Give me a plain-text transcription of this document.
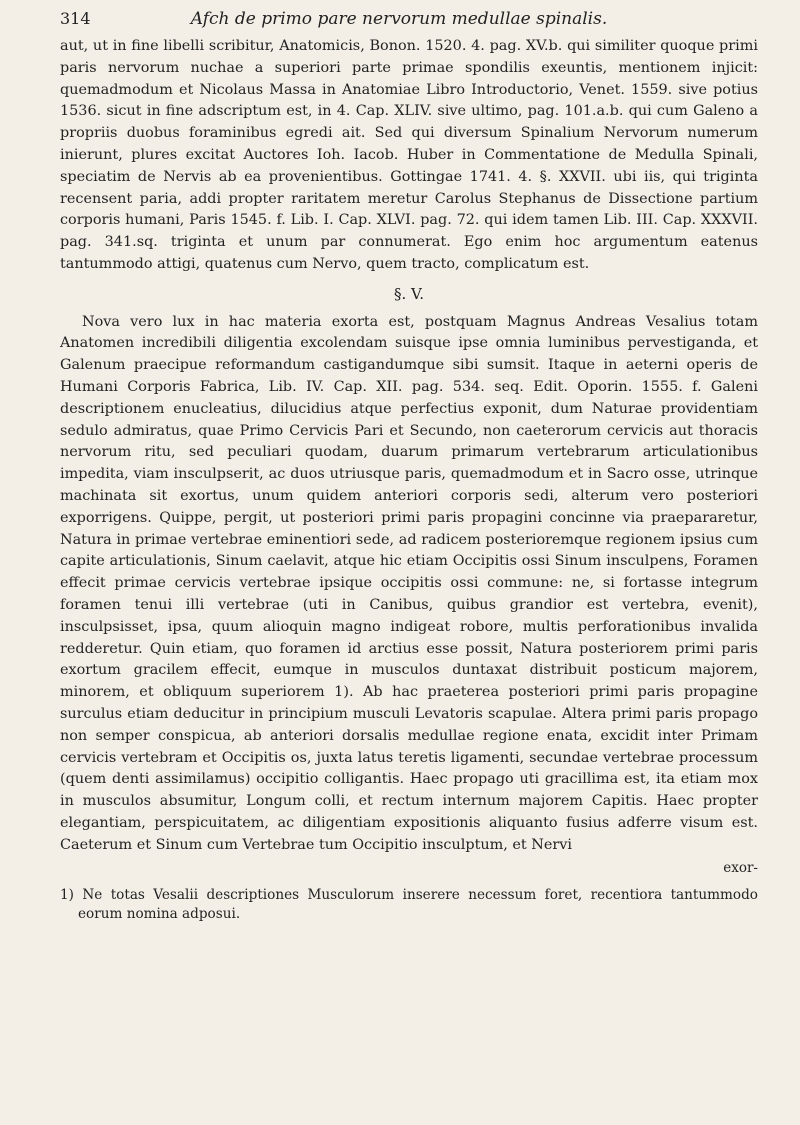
314	Afch de primo pare nervorum medullae spinalis.

aut, ut in fine libelli scribitur, Anatomicis, Bonon. 1520. 4. pag. XV.b. qui similiter quoque primi paris nervorum nuchae a superiori parte primae spondilis exeuntis, mentionem injicit: quemadmodum et Nicolaus Massa in Anatomiae Libro Introductorio, Venet. 1559. sive potius 1536. sicut in fine adscriptum est, in 4. Cap. XLIV. sive ultimo, pag. 101.a.b. qui cum Galeno a propriis duobus foraminibus egredi ait. Sed qui diversum Spinalium Nervorum numerum inierunt, plures excitat Auctores Ioh. Iacob. Huber in Commentatione de Medulla Spinali, speciatim de Nervis ab ea provenientibus. Gottingae 1741. 4. §. XXVII. ubi iis, qui triginta recensent paria, addi propter raritatem meretur Carolus Stephanus de Dissectione partium corporis humani, Paris 1545. f. Lib. I. Cap. XLVI. pag. 72. qui idem tamen Lib. III. Cap. XXXVII. pag. 341.sq. triginta et unum par connumerat. Ego enim hoc argumentum eatenus tantummodo attigi, quatenus cum Nervo, quem tracto, complicatum est.

§. V.

Nova vero lux in hac materia exorta est, postquam Magnus Andreas Vesalius totam Anatomen incredibili diligentia excolendam suisque ipse omnia luminibus pervestiganda, et Galenum praecipue reformandum castigandumque sibi sumsit. Itaque in aeterni operis de Humani Corporis Fabrica, Lib. IV. Cap. XII. pag. 534. seq. Edit. Oporin. 1555. f. Galeni descriptionem enucleatius, dilucidius atque perfectius exponit, dum Naturae providentiam sedulo admiratus, quae Primo Cervicis Pari et Secundo, non caeterorum cervicis aut thoracis nervorum ritu, sed peculiari quodam, duarum primarum vertebrarum articulationibus impedita, viam insculpserit, ac duos utriusque paris, quemadmodum et in Sacro osse, utrinque machinata sit exortus, unum quidem anteriori corporis sedi, alterum vero posteriori exporrigens. Quippe, pergit, ut posteriori primi paris propagini concinne via praepararetur, Natura in primae vertebrae eminentiori sede, ad radicem posterioremque regionem ipsius cum capite articulationis, Sinum caelavit, atque hic etiam Occipitis ossi Sinum insculpens, Foramen effecit primae cervicis vertebrae ipsique occipitis ossi commune: ne, si fortasse integrum foramen tenui illi vertebrae (uti in Canibus, quibus grandior est vertebra, evenit), insculpsisset, ipsa, quum alioquin magno indigeat robore, multis perforationibus invalida redderetur. Quin etiam, quo foramen id arctius esse possit, Natura posteriorem primi paris exortum gracilem effecit, eumque in musculos duntaxat distribuit posticum majorem, minorem, et obliquum superiorem 1). Ab hac praeterea posteriori primi paris propagine surculus etiam deducitur in principium musculi Levatoris scapulae. Altera primi paris propago non semper conspicua, ab anteriori dorsalis medullae regione enata, excidit inter Primam cervicis vertebram et Occipitis os, juxta latus teretis ligamenti, secundae vertebrae processum (quem denti assimilamus) occipitio colligantis. Haec propago uti gracillima est, ita etiam mox in musculos absumitur, Longum colli, et rectum internum majorem Capitis. Haec propter elegantiam, perspicuitatem, ac diligentiam expositionis aliquanto fusius adferre visum est. Caeterum et Sinum cum Vertebrae tum Occipitio insculptum, et Nervi

exor-

1) Ne totas Vesalii descriptiones Musculorum inserere necessum foret, recentiora tantummodo eorum nomina adposui.
